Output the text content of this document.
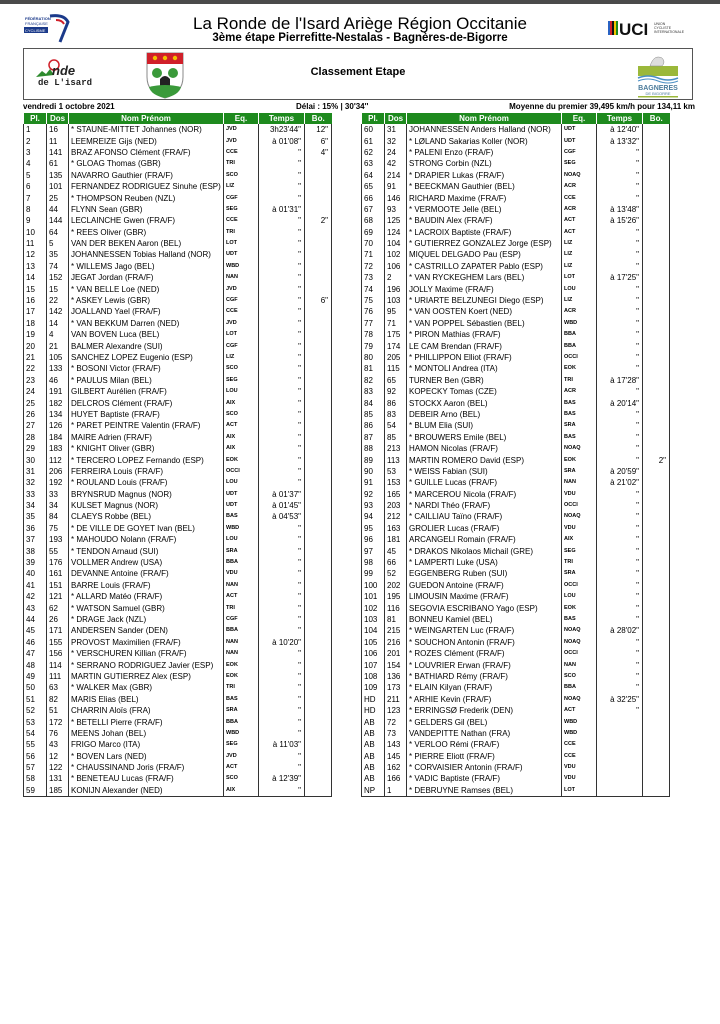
FÉDÉRATION
FRANÇAISE
CYCLISME	La Ronde de l'Isard Ariège Région Occitanie
3ème étape Pierrefitte-Nestalas - Bagnères-de-Bigorre	UCI UNION
CYCLISTE
INTERNATIONALE
nde
de L'isard
Classement Etape
BAGNERES
DE BIGORRE
vendredi 1 octobre 2021	Délai : 15% | 30'34''	Moyenne du premier 39,495 km/h pour 134,11 km
Pl.	Dos	Nom Prénom	Eq.	Temps	Bo.
1	16	* STAUNE-MITTET Johannes (NOR)	JVD	3h23'44"	12"
2	11	LEEMREIZE Gijs (NED)	JVD	à 01'08"	6"
3	141	BRAZ AFONSO Clément (FRA/F)	CCE	"	4"
4	61	* GLOAG Thomas (GBR)	TRI	"	
5	135	NAVARRO Gauthier (FRA/F)	SCO	"	
6	101	FERNANDEZ RODRIGUEZ Sinuhe (ESP)	LIZ	"	
7	25	* THOMPSON Reuben (NZL)	CGF	"	
8	44	FLYNN Sean (GBR)	SEG	à 01'31"	
9	144	LECLAINCHE Gwen (FRA/F)	CCE	"	2"
10	64	* REES Oliver (GBR)	TRI	"	
11	5	VAN DER BEKEN Aaron (BEL)	LOT	"	
12	35	JOHANNESSEN Tobias Halland (NOR)	UDT	"	
13	74	* WILLEMS Jago (BEL)	WBD	"	
14	152	JEGAT Jordan (FRA/F)	NAN	"	
15	15	* VAN BELLE Loe (NED)	JVD	"	
16	22	* ASKEY Lewis (GBR)	CGF	"	6"
17	142	JOALLAND Yael (FRA/F)	CCE	"	
18	14	* VAN BEKKUM Darren (NED)	JVD	"	
19	4	VAN BOVEN Luca (BEL)	LOT	"	
20	21	BALMER Alexandre (SUI)	CGF	"	
21	105	SANCHEZ LOPEZ Eugenio (ESP)	LIZ	"	
22	133	* BOSONI Victor (FRA/F)	SCO	"	
23	46	* PAULUS Milan (BEL)	SEG	"	
24	191	GILBERT Aurélien (FRA/F)	LOU	"	
25	182	DELCROS Clément (FRA/F)	AIX	"	
26	134	HUYET Baptiste (FRA/F)	SCO	"	
27	126	* PARET PEINTRE Valentin (FRA/F)	ACT	"	
28	184	MAIRE Adrien (FRA/F)	AIX	"	
29	183	* KNIGHT Oliver (GBR)	AIX	"	
30	112	* TERCERO LOPEZ Fernando (ESP)	EOK	"	
31	206	FERREIRA Louis (FRA/F)	OCCI	"	
32	192	* ROULAND Louis (FRA/F)	LOU	"	
33	33	BRYNSRUD Magnus (NOR)	UDT	à 01'37"	
34	34	KULSET Magnus (NOR)	UDT	à 01'45"	
35	84	CLAEYS Robbe (BEL)	BAS	à 04'53"	
36	75	* DE VILLE DE GOYET Ivan (BEL)	WBD	"	
37	193	* MAHOUDO Nolann (FRA/F)	LOU	"	
38	55	* TENDON Arnaud (SUI)	SRA	"	
39	176	VOLLMER Andrew (USA)	BBA	"	
40	161	DEVANNE Antoine (FRA/F)	VDU	"	
41	151	BARRE Louis (FRA/F)	NAN	"	
42	121	* ALLARD Matéo (FRA/F)	ACT	"	
43	62	* WATSON Samuel (GBR)	TRI	"	
44	26	* DRAGE Jack (NZL)	CGF	"	
45	171	ANDERSEN Sander (DEN)	BBA	"	
46	155	PROVOST Maximilien (FRA/F)	NAN	à 10'20"	
47	156	* VERSCHUREN Killian (FRA/F)	NAN	"	
48	114	* SERRANO RODRIGUEZ Javier (ESP)	EOK	"	
49	111	MARTIN GUTIERREZ Alex (ESP)	EOK	"	
50	63	* WALKER Max (GBR)	TRI	"	
51	82	MARIS Elias (BEL)	BAS	"	
52	51	CHARRIN Aloïs (FRA)	SRA	"	
53	172	* BETELLI Pierre (FRA/F)	BBA	"	
54	76	MEENS Johan (BEL)	WBD	"	
55	43	FRIGO Marco (ITA)	SEG	à 11'03"	
56	12	* BOVEN Lars (NED)	JVD	"	
57	122	* CHAUSSINAND Joris (FRA/F)	ACT	"	
58	131	* BENETEAU Lucas (FRA/F)	SCO	à 12'39"	
59	185	KONIJN Alexander (NED)	AIX	"	
Pl.	Dos	Nom Prénom	Eq.	Temps	Bo.
60	31	JOHANNESSEN Anders Halland (NOR)	UDT	à 12'40"	
61	32	* LØLAND Sakarias Koller (NOR)	UDT	à 13'32"	
62	24	* PALENI Enzo (FRA/F)	CGF	"	
63	42	STRONG Corbin (NZL)	SEG	"	
64	214	* DRAPIER Lukas (FRA/F)	NOAQ	"	
65	91	* BEECKMAN Gauthier (BEL)	ACR	"	
66	146	RICHARD Maxime (FRA/F)	CCE	"	
67	93	* VERMOOTE Jelle (BEL)	ACR	à 13'48"	
68	125	* BAUDIN Alex (FRA/F)	ACT	à 15'26"	
69	124	* LACROIX Baptiste (FRA/F)	ACT	"	
70	104	* GUTIERREZ GONZALEZ Jorge (ESP)	LIZ	"	
71	102	MIQUEL DELGADO Pau (ESP)	LIZ	"	
72	106	* CASTRILLO ZAPATER Pablo (ESP)	LIZ	"	
73	2	* VAN RYCKEGHEM Lars (BEL)	LOT	à 17'25"	
74	196	JOLLY Maxime (FRA/F)	LOU	"	
75	103	* URIARTE BELZUNEGI Diego (ESP)	LIZ	"	
76	95	* VAN OOSTEN Koert (NED)	ACR	"	
77	71	* VAN POPPEL Sébastien (BEL)	WBD	"	
78	175	* PIRON Mathias (FRA/F)	BBA	"	
79	174	LE CAM Brendan (FRA/F)	BBA	"	
80	205	* PHILLIPPON Elliot (FRA/F)	OCCI	"	
81	115	* MONTOLI Andrea (ITA)	EOK	"	
82	65	TURNER Ben (GBR)	TRI	à 17'28"	
83	92	KOPECKY Tomas (CZE)	ACR	"	
84	86	STOCKX Aaron (BEL)	BAS	à 20'14"	
85	83	DEBEIR Arno (BEL)	BAS	"	
86	54	* BLUM Elia (SUI)	SRA	"	
87	85	* BROUWERS Emile (BEL)	BAS	"	
88	213	HAMON Nicolas (FRA/F)	NOAQ	"	
89	113	MARTIN ROMERO David (ESP)	EOK	"	2"
90	53	* WEISS Fabian (SUI)	SRA	à 20'59"	
91	153	* GUILLE Lucas (FRA/F)	NAN	à 21'02"	
92	165	* MARCEROU Nicola (FRA/F)	VDU	"	
93	203	* NARDI Théo (FRA/F)	OCCI	"	
94	212	* CAILLIAU Taïno (FRA/F)	NOAQ	"	
95	163	GROLIER Lucas (FRA/F)	VDU	"	
96	181	ARCANGELI Romain (FRA/F)	AIX	"	
97	45	* DRAKOS Nikolaos Michail (GRE)	SEG	"	
98	66	* LAMPERTI Luke (USA)	TRI	"	
99	52	EGGENBERG Ruben (SUI)	SRA	"	
100	202	GUEDON Antoine (FRA/F)	OCCI	"	
101	195	LIMOUSIN Maxime (FRA/F)	LOU	"	
102	116	SEGOVIA ESCRIBANO Yago (ESP)	EOK	"	
103	81	BONNEU Kamiel (BEL)	BAS	"	
104	215	* WEINGARTEN Luc (FRA/F)	NOAQ	à 28'02"	
105	216	* SOUCHON Antonin (FRA/F)	NOAQ	"	
106	201	* ROZES Clément (FRA/F)	OCCI	"	
107	154	* LOUVRIER Erwan (FRA/F)	NAN	"	
108	136	* BATHIARD Rémy (FRA/F)	SCO	"	
109	173	* ELAIN Kilyan (FRA/F)	BBA	"	
HD	211	* ARHIE Kevin (FRA/F)	NOAQ	à 32'25"	
HD	123	* ERRINGSØ Frederik (DEN)	ACT	"	
AB	72	* GELDERS Gil (BEL)	WBD		
AB	73	VANDEPITTE Nathan (FRA)	WBD		
AB	143	* VERLOO Rémi (FRA/F)	CCE		
AB	145	* PIERRE Eliott (FRA/F)	CCE		
AB	162	* CORVAISIER Antonin (FRA/F)	VDU		
AB	166	* VADIC Baptiste (FRA/F)	VDU		
NP	1	* DEBRUYNE Ramses (BEL)	LOT		
